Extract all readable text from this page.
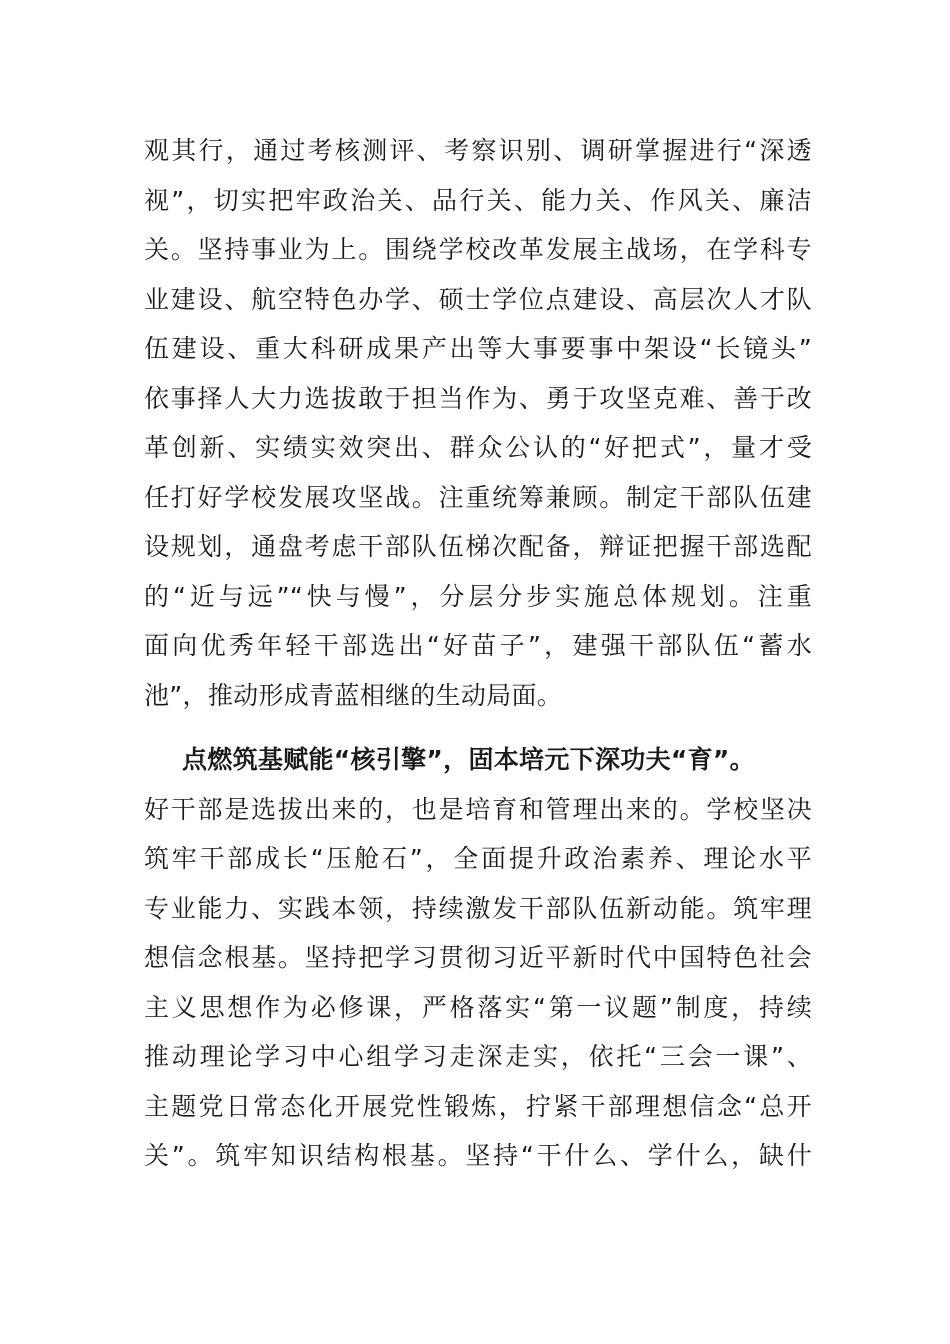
观其行，通过考核测评、考察识别、调研掌握进行“深透
视”，切实把牢政治关、品行关、能力关、作风关、廉洁
关。坚持事业为上。围绕学校改革发展主战场，在学科专
业建设、航空特色办学、硕士学位点建设、高层次人才队
伍建设、重大科研成果产出等大事要事中架设“长镜头”
依事择人大力选拔敢于担当作为、勇于攻坚克难、善于改
革创新、实绩实效突出、群众公认的“好把式”，量才受
任打好学校发展攻坚战。注重统筹兼顾。制定干部队伍建
设规划，通盘考虑干部队伍梯次配备，辩证把握干部选配
的“近与远”“快与慢”，分层分步实施总体规划。注重
面向优秀年轻干部选出“好苗子”，建强干部队伍“蓄水
池”，推动形成青蓝相继的生动局面。
点燃筑基赋能“核引擎”，固本培元下深功夫“育”。
好干部是选拔出来的，也是培育和管理出来的。学校坚决
筑牢干部成长“压舱石”，全面提升政治素养、理论水平
专业能力、实践本领，持续激发干部队伍新动能。筑牢理
想信念根基。坚持把学习贯彻习近平新时代中国特色社会
主义思想作为必修课，严格落实“第一议题”制度，持续
推动理论学习中心组学习走深走实，依托“三会一课”、
主题党日常态化开展党性锻炼，拧紧干部理想信念“总开
关”。筑牢知识结构根基。坚持“干什么、学什么，缺什
